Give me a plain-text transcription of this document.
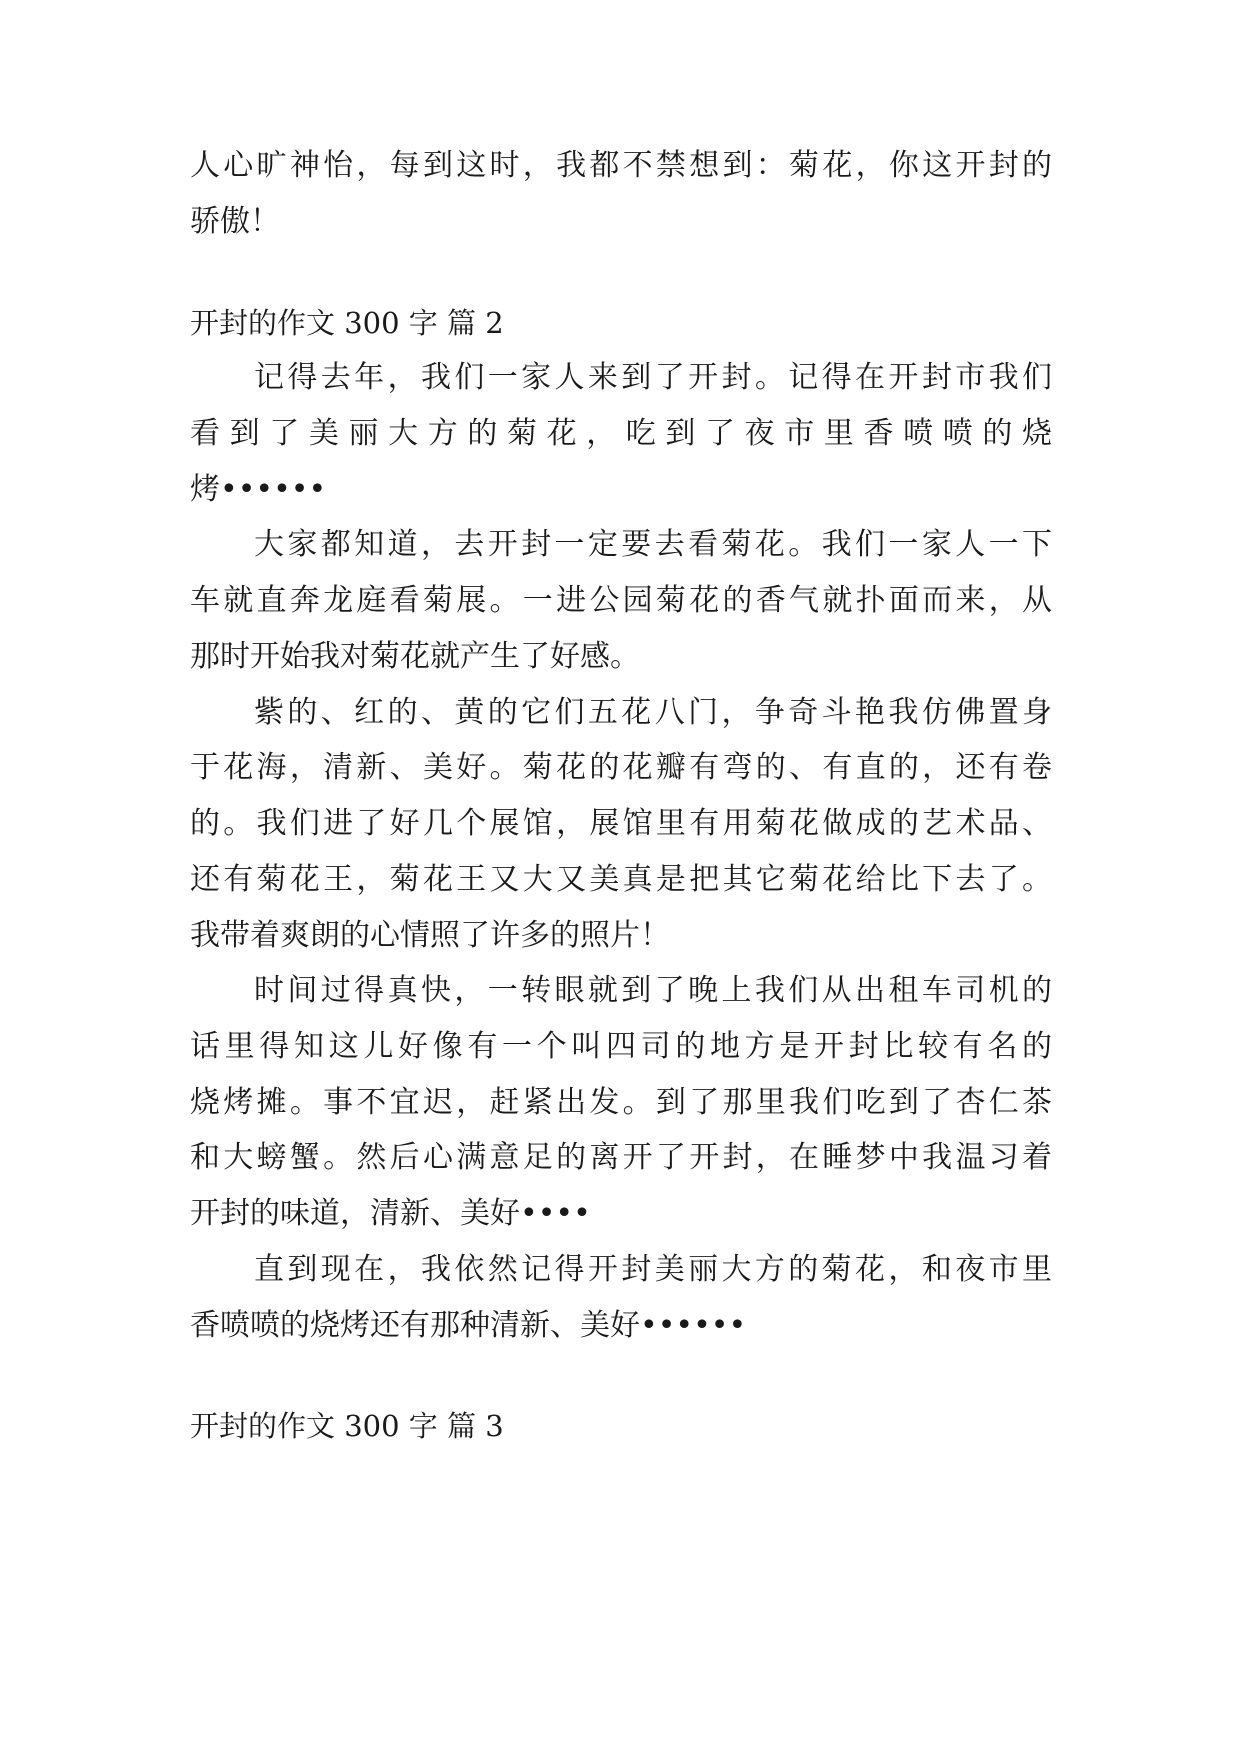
人心旷神怡，每到这时，我都不禁想到：菊花，你这开封的
骄傲！
开封的作文 300 字 篇 2
记得去年，我们一家人来到了开封。记得在开封市我们
看到了美丽大方的菊花，吃到了夜市里香喷喷的烧
烤••••••
大家都知道，去开封一定要去看菊花。我们一家人一下
车就直奔龙庭看菊展。一进公园菊花的香气就扑面而来，从
那时开始我对菊花就产生了好感。
紫的、红的、黄的它们五花八门，争奇斗艳我仿佛置身
于花海，清新、美好。菊花的花瓣有弯的、有直的，还有卷
的。我们进了好几个展馆，展馆里有用菊花做成的艺术品、
还有菊花王，菊花王又大又美真是把其它菊花给比下去了。
我带着爽朗的心情照了许多的照片！
时间过得真快，一转眼就到了晚上我们从出租车司机的
话里得知这儿好像有一个叫四司的地方是开封比较有名的
烧烤摊。事不宜迟，赶紧出发。到了那里我们吃到了杏仁茶
和大螃蟹。然后心满意足的离开了开封，在睡梦中我温习着
开封的味道，清新、美好••••
直到现在，我依然记得开封美丽大方的菊花，和夜市里
香喷喷的烧烤还有那种清新、美好••••••
开封的作文 300 字 篇 3
